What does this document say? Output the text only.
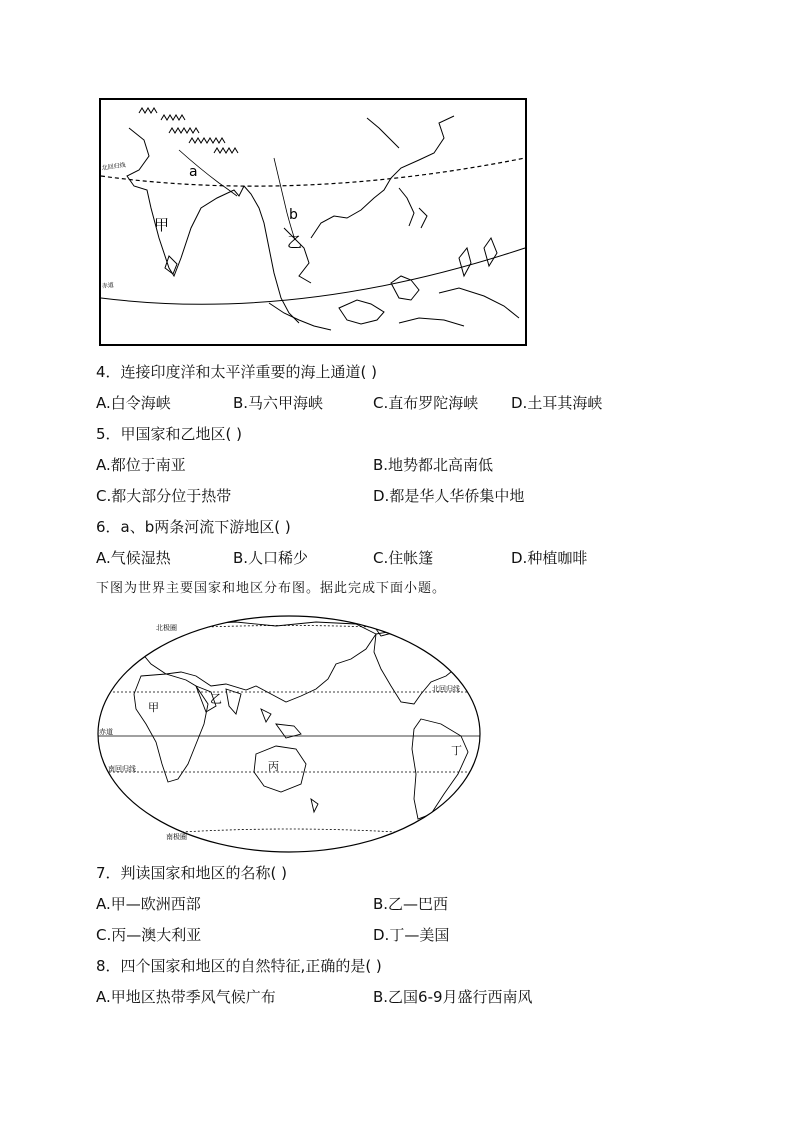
北回归线
赤道
a
b
甲
乙
4．连接印度洋和太平洋重要的海上通道( )
A.白令海峡	B.马六甲海峡	C.直布罗陀海峡 D.土耳其海峡
5．甲国家和乙地区( )
A.都位于南亚	B.地势都北高南低
C.都大部分位于热带	D.都是华人华侨集中地
6．a、b两条河流下游地区( )
A.气候湿热	B.人口稀少	C.住帐篷	D.种植咖啡
下图为世界主要国家和地区分布图。据此完成下面小题。
北极圈
北回归线
赤道
南回归线
南极圈
甲
乙
丙
丁
7．判读国家和地区的名称( )
A.甲—欧洲西部	B.乙—巴西
C.丙—澳大利亚	D.丁—美国
8．四个国家和地区的自然特征,正确的是( )
A.甲地区热带季风气候广布	B.乙国6-9月盛行西南风
